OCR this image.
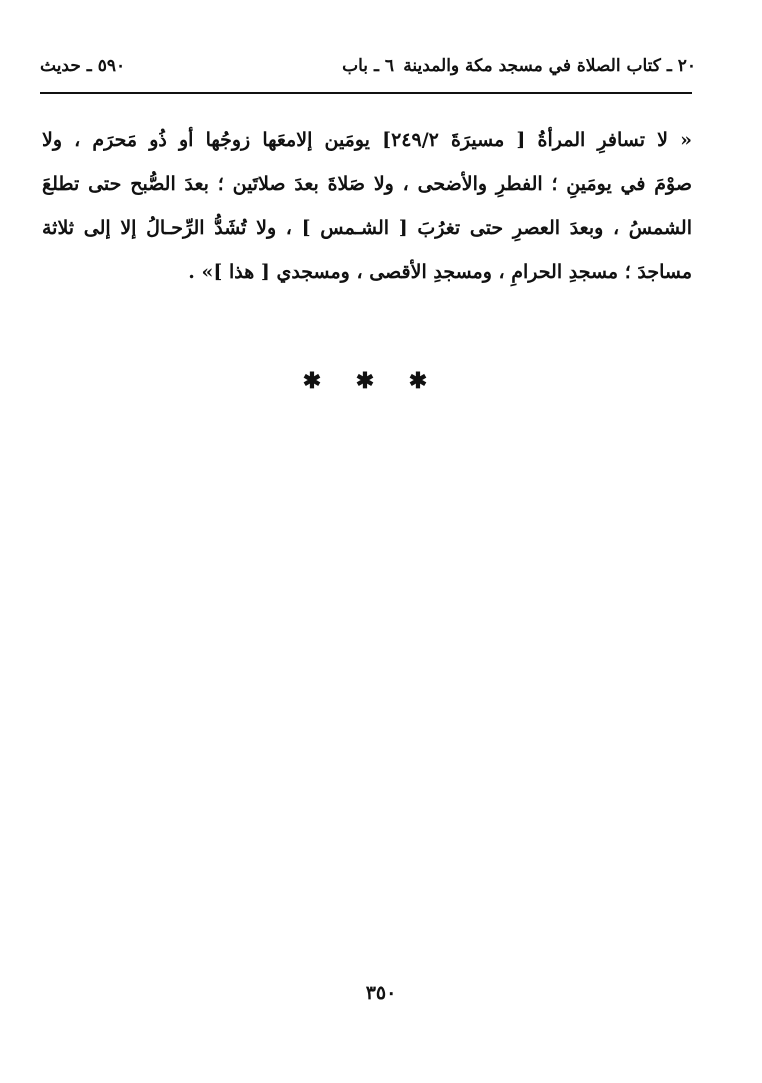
٢٠ ـ كتاب الصلاة في مسجد مكة والمدينة
٦ ـ باب
٥٩٠ ـ حديث
« لا تسافرِ المرأةُ [ مسيرَةَ ٢٤٩/٢] يومَين إلامعَها زوجُها أو ذُو مَحرَم ، ولا
صوْمَ في يومَينِ ؛ الفطرِ والأضحى ، ولا صَلاةَ بعدَ صلاتَين ؛ بعدَ الصُّبح حتى تطلعَ
الشمسُ ، وبعدَ العصرِ حتى تغرُبَ [ الشـمس ] ، ولا تُشَدُّ الرِّحـالُ إلا إلى ثلاثة
مساجدَ ؛ مسجدِ الحرامِ ، ومسجدِ الأقصى ، ومسجدي [ هذا ]» .
✱ ✱ ✱
٣٥٠
